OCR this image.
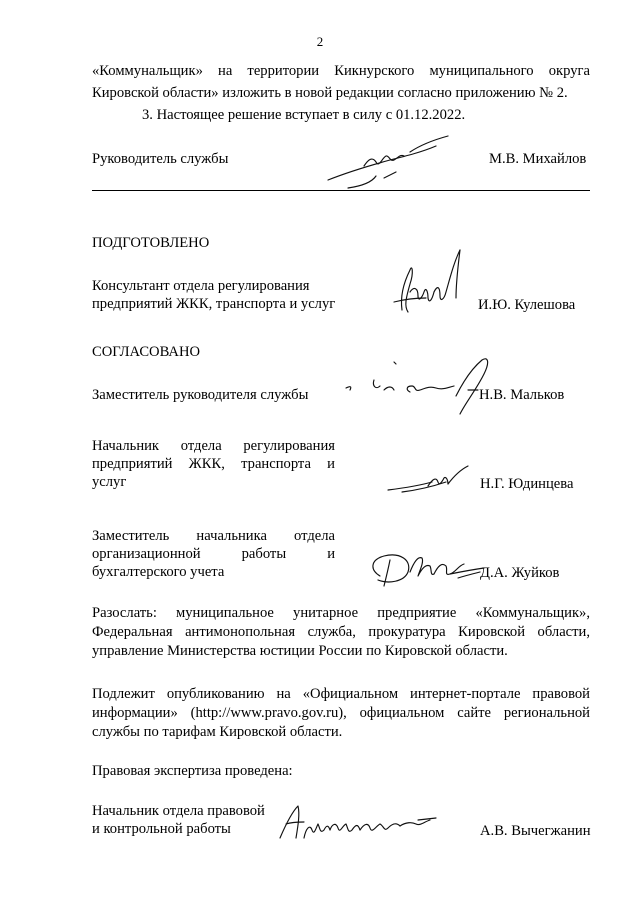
2
«Коммунальщик» на территории Кикнурского муниципального округа
Кировской области» изложить в новой редакции согласно приложению № 2.
3. Настоящее решение вступает в силу с 01.12.2022.
Руководитель службы	М.В. Михайлов
ПОДГОТОВЛЕНО
Консультант отдела регулирования
предприятий ЖКК, транспорта и услуг	И.Ю. Кулешова
СОГЛАСОВАНО
Заместитель руководителя службы	Н.В. Мальков
Начальник отдела регулирования
предприятий ЖКК, транспорта и
услуг	Н.Г. Юдинцева
Заместитель начальника отдела
организационной работы и
бухгалтерского учета	Д.А. Жуйков
Разослать: муниципальное унитарное предприятие «Коммунальщик»,
Федеральная антимонопольная служба, прокуратура Кировской области,
управление Министерства юстиции России по Кировской области.
Подлежит опубликованию на «Официальном интернет-портале правовой
информации» (http://www.pravo.gov.ru), официальном сайте региональной
службы по тарифам Кировской области.
Правовая экспертиза проведена:
Начальник отдела правовой
и контрольной работы	А.В. Вычегжанин
